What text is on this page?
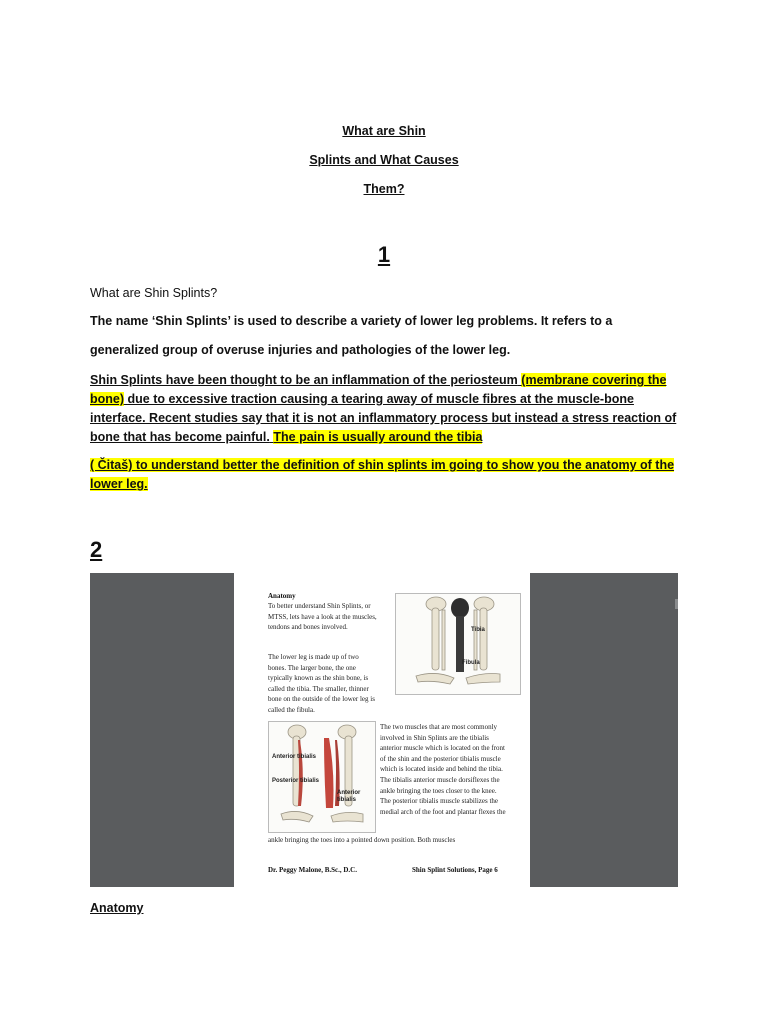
What are Shin
Splints and What Causes
Them?
1
What are Shin Splints?
The name ‘Shin Splints’ is used to describe a variety of lower leg problems. It refers to a
generalized group of overuse injuries and pathologies of the lower leg.
Shin Splints have been thought to be an inflammation of the periosteum (membrane covering the bone) due to excessive traction causing a tearing away of muscle fibres at the muscle-bone interface. Recent studies say that it is not an inflammatory process but instead a stress reaction of bone that has become painful. The pain is usually around the tibia
( Čitaš) to understand better the definition of shin splints im going to show you the anatomy of the lower leg.
2
Anatomy
To better understand Shin Splints, or MTSS, lets have a look at the muscles, tendons and bones involved.
The lower leg is made up of two bones. The larger bone, the one typically known as the shin bone, is called the tibia. The smaller, thinner bone on the outside of the lower leg is called the fibula.
Tibia
Fibula
Anterior tibialis
Posterior tibialis
Anterior tibialis
The two muscles that are most commonly involved in Shin Splints are the tibialis anterior muscle which is located on the front of the shin and the posterior tibialis muscle which is located inside and behind the tibia. The tibialis anterior muscle dorsiflexes the ankle bringing the toes closer to the knee. The posterior tibialis muscle stabilizes the medial arch of the foot and plantar flexes the
ankle bringing the toes into a pointed down position. Both muscles
Dr. Peggy Malone, B.Sc., D.C.	Shin Splint Solutions, Page 6
Anatomy
